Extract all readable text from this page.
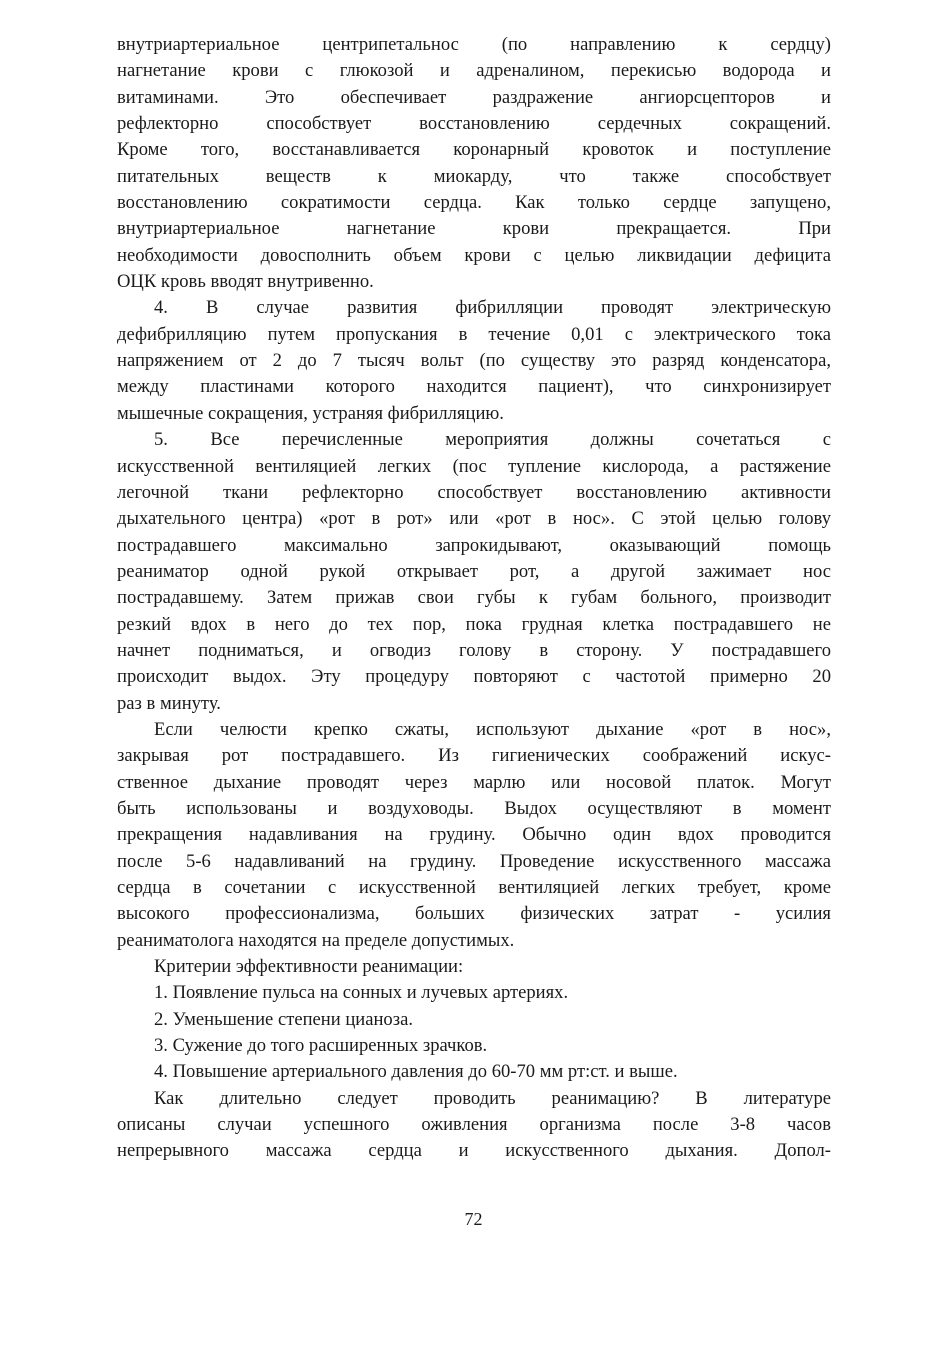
внутриартериальное центрипетальнос (по направлению к сердцу)
нагнетание крови с глюкозой и адреналином, перекисью водорода и
витаминами. Это обеспечивает раздражение ангиорсцепторов и
рефлекторно способствует восстановлению сердечных сокращений.
Кроме того, восстанавливается коронарный кровоток и поступление
питательных веществ к миокарду, что также способствует
восстановлению сократимости сердца. Как только сердце запущено,
внутриартериальное нагнетание крови прекращается. При
необходимости довосполнить объем крови с целью ликвидации дефицита
ОЦК кровь вводят внутривенно.

4. В случае развития фибрилляции проводят электрическую
дефибрилляцию путем пропускания в течение 0,01 с электрического тока
напряжением от 2 до 7 тысяч вольт (по существу это разряд конденсатора,
между пластинами которого находится пациент), что синхронизирует
мышечные сокращения, устраняя фибрилляцию.

5. Все перечисленные мероприятия должны сочетаться с
искусственной вентиляцией легких (пос тупление кислорода, а растяжение
легочной ткани рефлекторно способствует восстановлению активности
дыхательного центра) «рот в рот» или «рот в нос». С этой целью голову
пострадавшего максимально запрокидывают, оказывающий помощь
реаниматор одной рукой открывает рот, а другой зажимает нос
пострадавшему. Затем прижав свои губы к губам больного, производит
резкий вдох в него до тех пор, пока грудная клетка пострадавшего не
начнет подниматься, и огводиз голову в сторону. У пострадавшего
происходит выдох. Эту процедуру повторяют с частотой примерно 20
раз в минуту.

Если челюсти крепко сжаты, используют дыхание «рот в нос»,
закрывая рот пострадавшего. Из гигиенических соображений искус-
ственное дыхание проводят через марлю или носовой платок. Могут
быть использованы и воздуховоды. Выдох осуществляют в момент
прекращения надавливания на грудину. Обычно один вдох проводится
после 5-6 надавливаний на грудину. Проведение искусственного массажа
сердца в сочетании с искусственной вентиляцией легких требует, кроме
высокого профессионализма, больших физических затрат - усилия
реаниматолога находятся на пределе допустимых.

Критерии эффективности реанимации:

1. Появление пульса на сонных и лучевых артериях.

2. Уменьшение степени цианоза.

3. Сужение до того расширенных зрачков.

4. Повышение артериального давления до 60-70 мм рт:ст. и выше.

Как длительно следует проводить реанимацию? В литературе
описаны случаи успешного оживления организма после 3-8 часов
непрерывного массажа сердца и искусственного дыхания. Допол-

72
